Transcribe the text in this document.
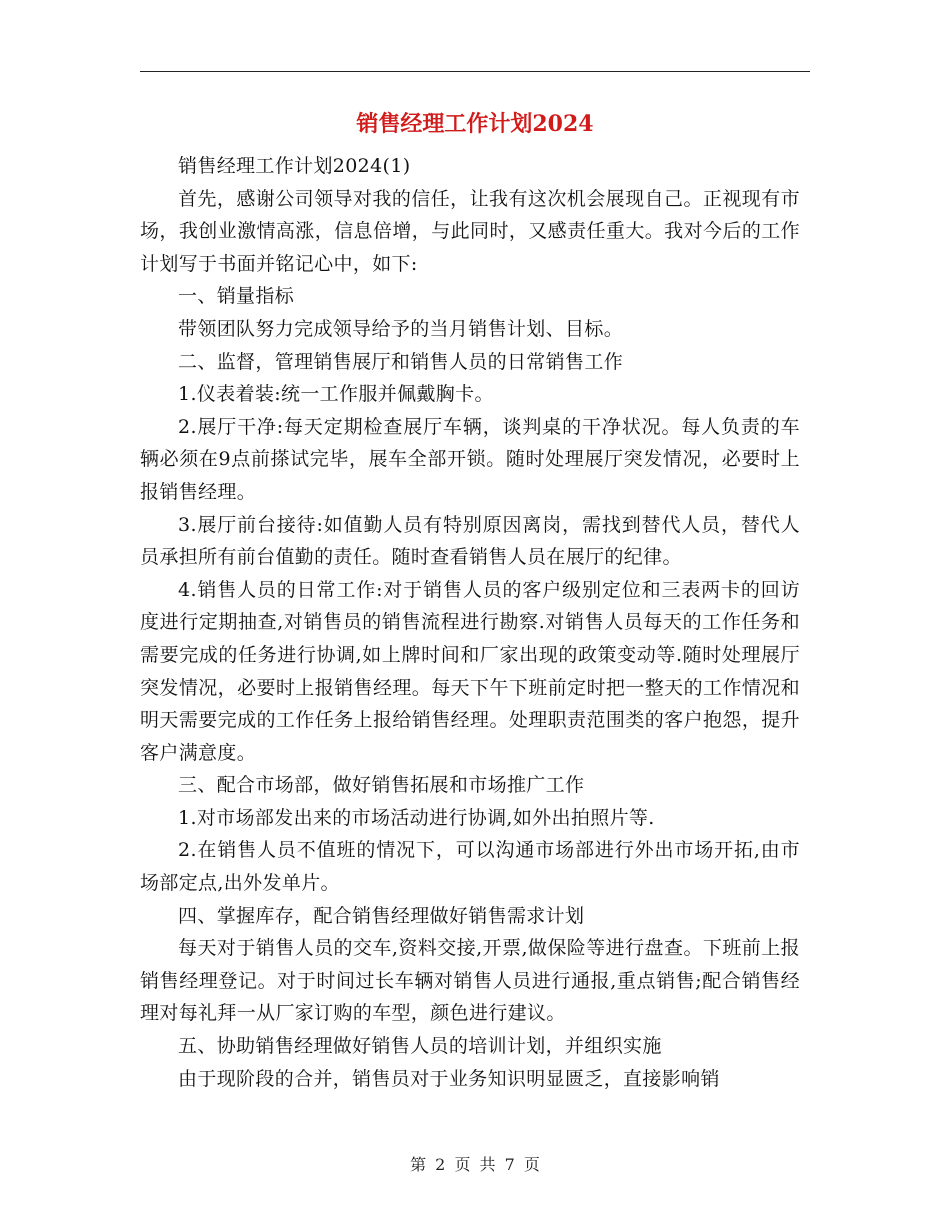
销售经理工作计划2024

销售经理工作计划2024(1)

首先，感谢公司领导对我的信任，让我有这次机会展现自己。正视现有市场，我创业激情高涨，信息倍增，与此同时，又感责任重大。我对今后的工作计划写于书面并铭记心中，如下:

一、销量指标

带领团队努力完成领导给予的当月销售计划、目标。

二、监督，管理销售展厅和销售人员的日常销售工作

1.仪表着装:统一工作服并佩戴胸卡。

2.展厅干净:每天定期检查展厅车辆，谈判桌的干净状况。每人负责的车辆必须在9点前搽试完毕，展车全部开锁。随时处理展厅突发情况，必要时上报销售经理。

3.展厅前台接待:如值勤人员有特别原因离岗，需找到替代人员，替代人员承担所有前台值勤的责任。随时查看销售人员在展厅的纪律。

4.销售人员的日常工作:对于销售人员的客户级别定位和三表两卡的回访度进行定期抽查,对销售员的销售流程进行勘察.对销售人员每天的工作任务和需要完成的任务进行协调,如上牌时间和厂家出现的政策变动等.随时处理展厅突发情况，必要时上报销售经理。每天下午下班前定时把一整天的工作情况和明天需要完成的工作任务上报给销售经理。处理职责范围类的客户抱怨，提升客户满意度。

三、配合市场部，做好销售拓展和市场推广工作

1.对市场部发出来的市场活动进行协调,如外出拍照片等.

2.在销售人员不值班的情况下，可以沟通市场部进行外出市场开拓,由市场部定点,出外发单片。

四、掌握库存，配合销售经理做好销售需求计划

每天对于销售人员的交车,资料交接,开票,做保险等进行盘查。下班前上报销售经理登记。对于时间过长车辆对销售人员进行通报,重点销售;配合销售经理对每礼拜一从厂家订购的车型，颜色进行建议。

五、协助销售经理做好销售人员的培训计划，并组织实施

由于现阶段的合并，销售员对于业务知识明显匮乏，直接影响销

第 2 页 共 7 页
